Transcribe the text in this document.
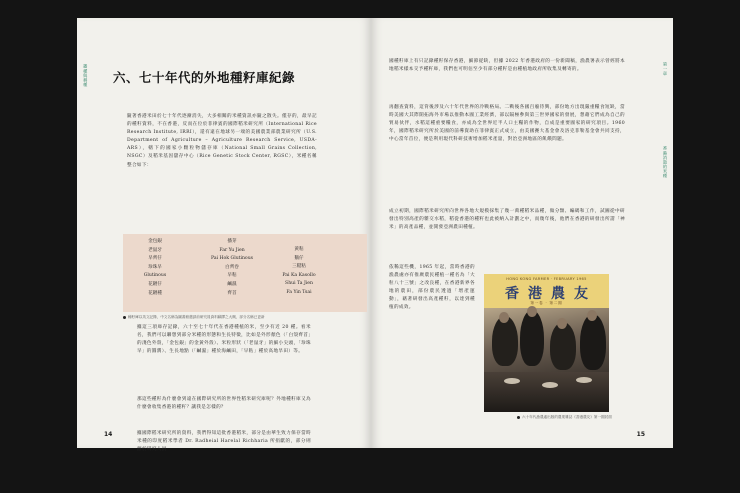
播種與耕種 六、七十年代的外地種籽庫紀錄

隨著香港米田於七十年代逐漸消失，大多相關的米種資訊亦隨之散失。僅存的，最早記的種籽資料，不在香港，反而在位於菲律賓的國際稻米研究所（International Rice Research Institute, IRRI），還有遠在地球另一端的美國農業部農業研究所（U.S. Department of Agriculture – Agriculture Research Service, USDA-ARS），轄下的國家小顆粒物儲存庫（National Small Grains Collection, NSGC）及稻米基因儲存中心（Rice Genetic Stock Center, RGSC），米種名稱整合如下：

金包銀
老鼠牙
早齊仔
珍珠早
Glutinous
花鏈仔
花鏈種
播芽
Far Yu Jien
Pai Hok Glutinous
白齊卷
早粘
鹹濕
齊首
黃粘
鵝仔
三糙粘
Pai Ka Kasollo
Shui Ta Jien
Fa Yin Tsai
種籽庫以英文記錄，中文名稱為圖書館邀請前研究員資料翻譯之大概，部分名稱已更新

據這三項庫存記錄，六十至七十年代在香港種植的米，至少有近 20 種。看米名，我們可以聯想到部分米種的形態和生長特徵，比如是外形顏色（「白殼齊首」的淺色外殼，「金包銀」的金黃外殼）、米粒形狀（「老鼠牙」的細小尖頭，「珍珠早」的圓潤）、生長地點（「鹹濕」種於海鹹田，「早粘」種於高地旱田）等。

那這些種籽為什麼會到遠在國際研究所的世界性稻米研究庫呢？外地種籽庫又為什麼會收集香港的種籽？讓我是怎樣的？

據國際稻米研究所的資料，我們得知這批香港稻米，部分是由華生致力保存當時米種的印度稻米學者 Dr. Radheial Harelal Richharia 所捐獻的，部分則源於研究人員

14
第一章
香港消逝的米種

國種籽庫上有只記錄種籽保存香港，細節從缺，但據 2022 年香港政府的一份新聞稿，漁農署表示曾經將本地稻米樣本交予種籽庫，我們也可明估至少有部分種籽是由種植地政府所收集及轉寄的。

再翻查資料，這背後涉及六十年代世界的冷戰格局。二戰後各國百廢待興，部份地方出現嚴重糧食短缺，當時美國大其際開拓海外市場以推動本國工業經濟，部以隔極參與第三世界國家的發展，想藉它們成為自己的貿易伙伴，水稻這種重要糧食，亦成為全世界近半人口主糧的作物，自成是重要國家的研究項目。1960 年，國際稻米研究所於美國的前導資助在菲律賓正式成立，由美國賽大基金會及洛克菲勒基金會共同支持，中心當年首位，便是利用現代科研技術增加稻米產量，對治亞洲地區的飢餓問題。

成立初期，國際稻米研究所向世界各地大規模採集了幾一萬種稻米品種，做分類、編碼和工作，試圖從中研發出特別高產的雜交水稻，稻從香港的種籽也此被納入計劃之中，而幾年後，他們在香港的研發出所謂「神米」的高產品種，並開發亞洲農田種植。

依稀這些機，1965 年起，當時香港的漁農處亦有推廣農民種植一種名為「大粒八十三號」之改良種，在香港新界各地的農田，部份農民透過「增產運動」，藉著研發出高產種籽，以達到種植的成效。

HONG KONG FARMER · FEBRUARY 1965
香港農友
第一卷 · 第二期
六十年代漁農處出版的農業雜誌《香港農友》第一期封面
15
